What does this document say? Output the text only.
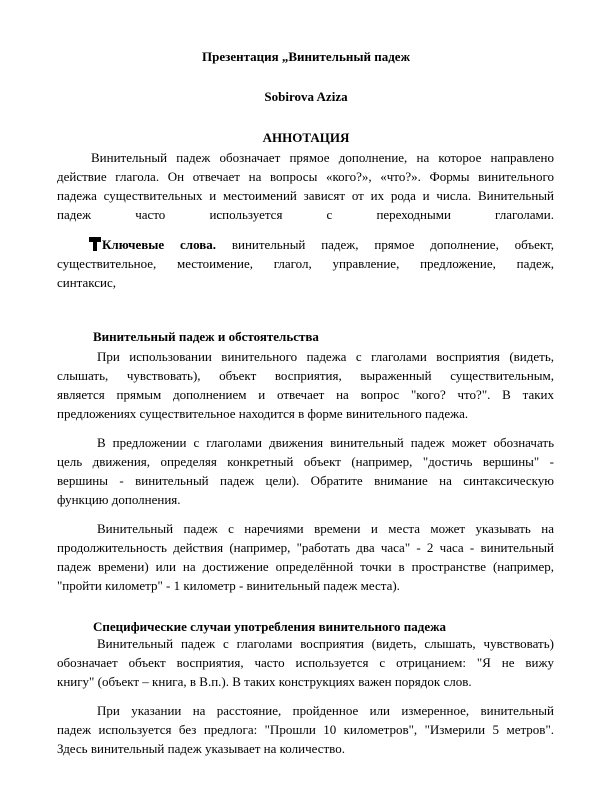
Презентация „Винительный падеж
Sobirova Aziza
АННОТАЦИЯ
Винительный падеж обозначает прямое дополнение, на которое направлено
действие глагола. Он отвечает на вопросы «кого?», «что?». Формы винительного
падежа существительных и местоимений зависят от их рода и числа. Винительный
падеж часто используется с переходными глаголами.
Ключевые слова. винительный падеж, прямое дополнение, объект,
существительное, местоимение, глагол, управление, предложение, падеж,
синтаксис,
Винительный падеж и обстоятельства
При использовании винительного падежа с глаголами восприятия (видеть,
слышать, чувствовать), объект восприятия, выраженный существительным,
является прямым дополнением и отвечает на вопрос "кого? что?". В таких
предложениях существительное находится в форме винительного падежа.
В предложении с глаголами движения винительный падеж может обозначать
цель движения, определяя конкретный объект (например, "достичь вершины" -
вершины - винительный падеж цели). Обратите внимание на синтаксическую
функцию дополнения.
Винительный падеж с наречиями времени и места может указывать на
продолжительность действия (например, "работать два часа" - 2 часа - винительный
падеж времени) или на достижение определённой точки в пространстве (например,
"пройти километр" - 1 километр - винительный падеж места).
Специфические случаи употребления винительного падежа
Винительный падеж с глаголами восприятия (видеть, слышать, чувствовать)
обозначает объект восприятия, часто используется с отрицанием: "Я не вижу
книгу" (объект – книга, в В.п.). В таких конструкциях важен порядок слов.
При указании на расстояние, пройденное или измеренное, винительный
падеж используется без предлога: "Прошли 10 километров", "Измерили 5 метров".
Здесь винительный падеж указывает на количество.
